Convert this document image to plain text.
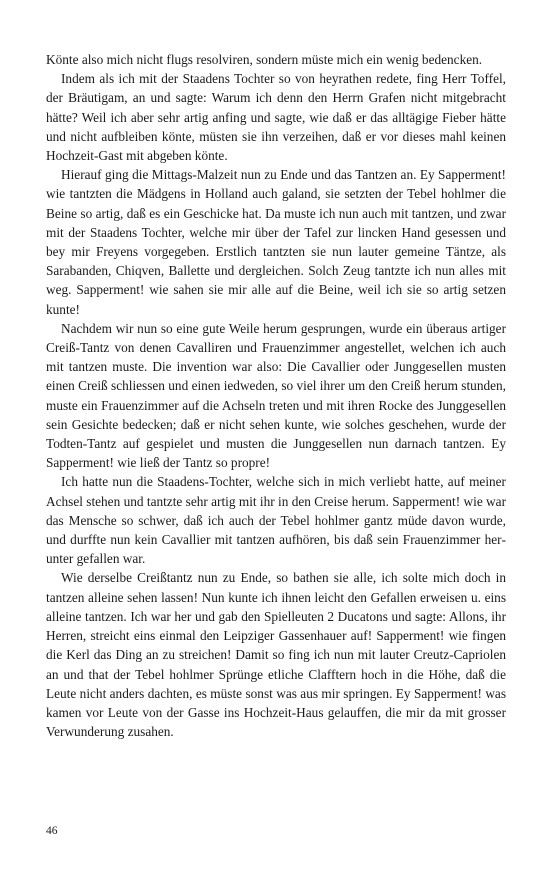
Könte also mich nicht flugs resolviren, sondern müste mich ein wenig bedencken.

Indem als ich mit der Staadens Tochter so von heyrathen redete, fing Herr Toffel, der Bräutigam, an und sagte: Warum ich denn den Herrn Grafen nicht mitgebracht hätte? Weil ich aber sehr artig anfing und sagte, wie daß er das alltägige Fieber hätte und nicht aufbleiben könte, müsten sie ihn verzeihen, daß er vor dieses mahl keinen Hochzeit-Gast mit abgeben könte.

Hierauf ging die Mittags-Malzeit nun zu Ende und das Tantzen an. Ey Sapperment! wie tantzten die Mädgens in Holland auch galand, sie setzten der Tebel hohlmer die Beine so artig, daß es ein Geschicke hat. Da muste ich nun auch mit tantzen, und zwar mit der Staadens Tochter, welche mir über der Tafel zur lincken Hand gesessen und bey mir Freyens vorgegeben. Erstlich tantzten sie nun lauter gemeine Täntze, als Sarabanden, Chiqven, Ballette und dergleichen. Solch Zeug tantzte ich nun alles mit weg. Sapperment! wie sahen sie mir alle auf die Beine, weil ich sie so artig setzen kunte!

Nachdem wir nun so eine gute Weile herum gesprungen, wurde ein überaus artiger Creiß-Tantz von denen Cavalliren und Frauenzimmer angestellet, welchen ich auch mit tantzen muste. Die invention war also: Die Cavallier oder Junggesellen musten einen Creiß schliessen und einen iedweden, so viel ihrer um den Creiß herum stunden, muste ein Frauenzimmer auf die Achseln treten und mit ihren Rocke des Junggesellen sein Gesichte bedecken; daß er nicht sehen kunte, wie solches geschehen, wurde der Todten-Tantz auf gespielet und musten die Junggesellen nun darnach tantzen. Ey Sapperment! wie ließ der Tantz so propre!

Ich hatte nun die Staadens-Tochter, welche sich in mich verliebt hatte, auf meiner Achsel stehen und tantzte sehr artig mit ihr in den Creise herum. Sapperment! wie war das Mensche so schwer, daß ich auch der Tebel hohlmer gantz müde davon wurde, und durffte nun kein Cavallier mit tantzen aufhören, bis daß sein Frauenzimmer herunter gefallen war.

Wie derselbe Creißtantz nun zu Ende, so bathen sie alle, ich solte mich doch in tantzen alleine sehen lassen! Nun kunte ich ihnen leicht den Gefallen erweisen u. eins alleine tantzen. Ich war her und gab den Spielleuten 2 Ducatons und sagte: Allons, ihr Herren, streicht eins einmal den Leipziger Gassenhauer auf! Sapperment! wie fingen die Kerl das Ding an zu streichen! Damit so fing ich nun mit lauter Creutz-Capriolen an und that der Tebel hohlmer Sprünge etliche Clafftern hoch in die Höhe, daß die Leute nicht anders dachten, es müste sonst was aus mir springen. Ey Sapperment! was kamen vor Leute von der Gasse ins Hochzeit-Haus gelauffen, die mir da mit grosser Verwunderung zusahen.

46
